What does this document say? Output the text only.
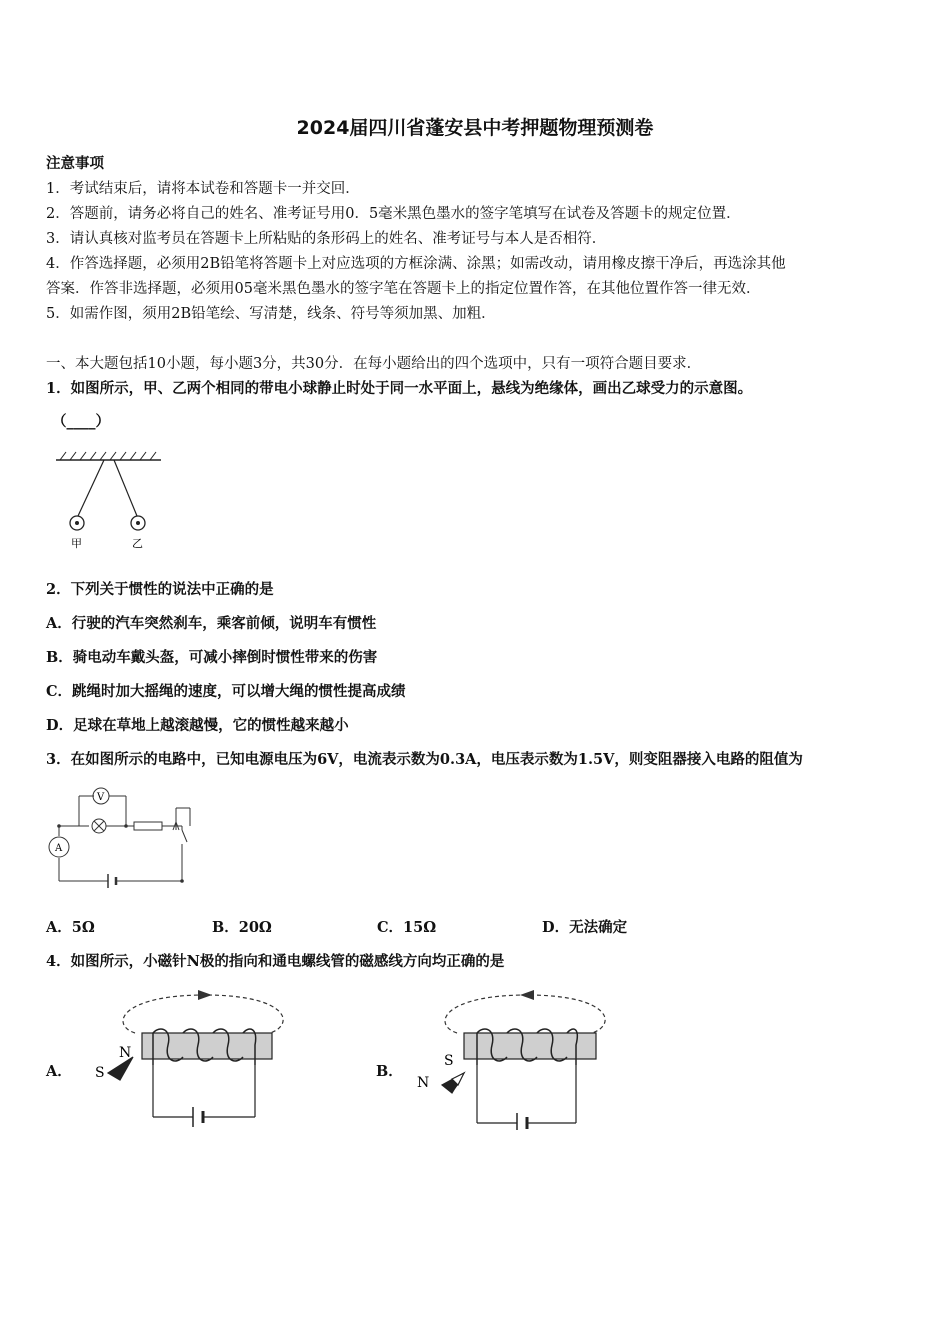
2024届四川省蓬安县中考押题物理预测卷
注意事项
1．考试结束后，请将本试卷和答题卡一并交回．
2．答题前，请务必将自己的姓名、准考证号用0．5毫米黑色墨水的签字笔填写在试卷及答题卡的规定位置．
3．请认真核对监考员在答题卡上所粘贴的条形码上的姓名、准考证号与本人是否相符．
4．作答选择题，必须用2B铅笔将答题卡上对应选项的方框涂满、涂黑；如需改动，请用橡皮擦干净后，再选涂其他
答案．作答非选择题，必须用05毫米黑色墨水的签字笔在答题卡上的指定位置作答，在其他位置作答一律无效．
5．如需作图，须用2B铅笔绘、写清楚，线条、符号等须加黑、加粗．
一、本大题包括10小题，每小题3分，共30分．在每小题给出的四个选项中，只有一项符合题目要求．
1．如图所示，甲、乙两个相同的带电小球静止时处于同一水平面上，悬线为绝缘体，画出乙球受力的示意图。
（____）
甲	乙
2．下列关于惯性的说法中正确的是
A．行驶的汽车突然刹车，乘客前倾，说明车有惯性
B．骑电动车戴头盔，可减小摔倒时惯性带来的伤害
C．跳绳时加大摇绳的速度，可以增大绳的惯性提高成绩
D．足球在草地上越滚越慢，它的惯性越来越小
3．在如图所示的电路中，已知电源电压为6V，电流表示数为0.3A，电压表示数为1.5V，则变阻器接入电路的阻值为
V
A
A．5Ω	B．20Ω	C．15Ω	D．无法确定
4．如图所示，小磁针N极的指向和通电螺线管的磁感线方向均正确的是
A．
N
S	B．
S
N
